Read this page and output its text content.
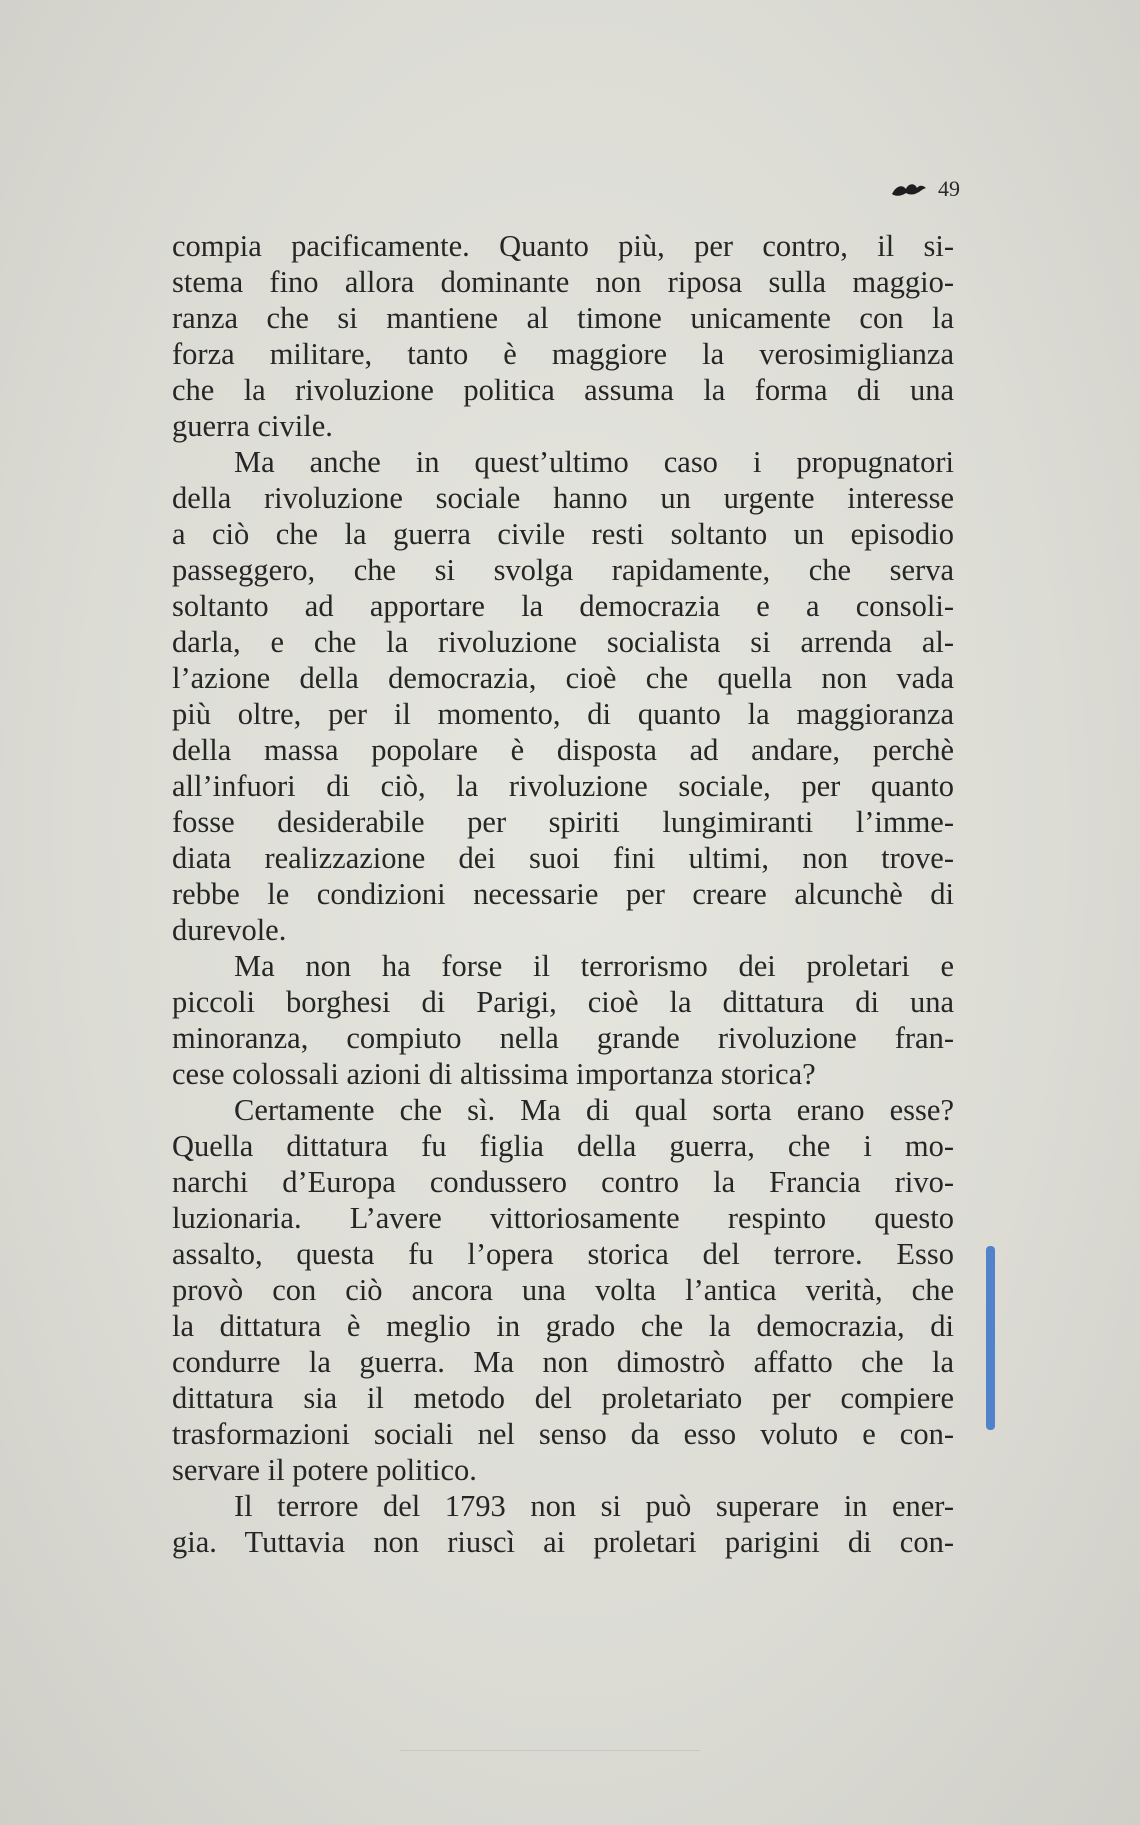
49
compia pacificamente. Quanto più, per contro, il si-
stema fino allora dominante non riposa sulla maggio-
ranza che si mantiene al timone unicamente con la
forza militare, tanto è maggiore la verosimiglianza
che la rivoluzione politica assuma la forma di una
guerra civile.
Ma anche in quest’ultimo caso i propugnatori
della rivoluzione sociale hanno un urgente interesse
a ciò che la guerra civile resti soltanto un episodio
passeggero, che si svolga rapidamente, che serva
soltanto ad apportare la democrazia e a consoli-
darla, e che la rivoluzione socialista si arrenda al-
l’azione della democrazia, cioè che quella non vada
più oltre, per il momento, di quanto la maggioranza
della massa popolare è disposta ad andare, perchè
all’infuori di ciò, la rivoluzione sociale, per quanto
fosse desiderabile per spiriti lungimiranti l’imme-
diata realizzazione dei suoi fini ultimi, non trove-
rebbe le condizioni necessarie per creare alcunchè di
durevole.
Ma non ha forse il terrorismo dei proletari e
piccoli borghesi di Parigi, cioè la dittatura di una
minoranza, compiuto nella grande rivoluzione fran-
cese colossali azioni di altissima importanza storica?
Certamente che sì. Ma di qual sorta erano esse?
Quella dittatura fu figlia della guerra, che i mo-
narchi d’Europa condussero contro la Francia rivo-
luzionaria. L’avere vittoriosamente respinto questo
assalto, questa fu l’opera storica del terrore. Esso
provò con ciò ancora una volta l’antica verità, che
la dittatura è meglio in grado che la democrazia, di
condurre la guerra. Ma non dimostrò affatto che la
dittatura sia il metodo del proletariato per compiere
trasformazioni sociali nel senso da esso voluto e con-
servare il potere politico.
Il terrore del 1793 non si può superare in ener-
gia. Tuttavia non riuscì ai proletari parigini di con-
